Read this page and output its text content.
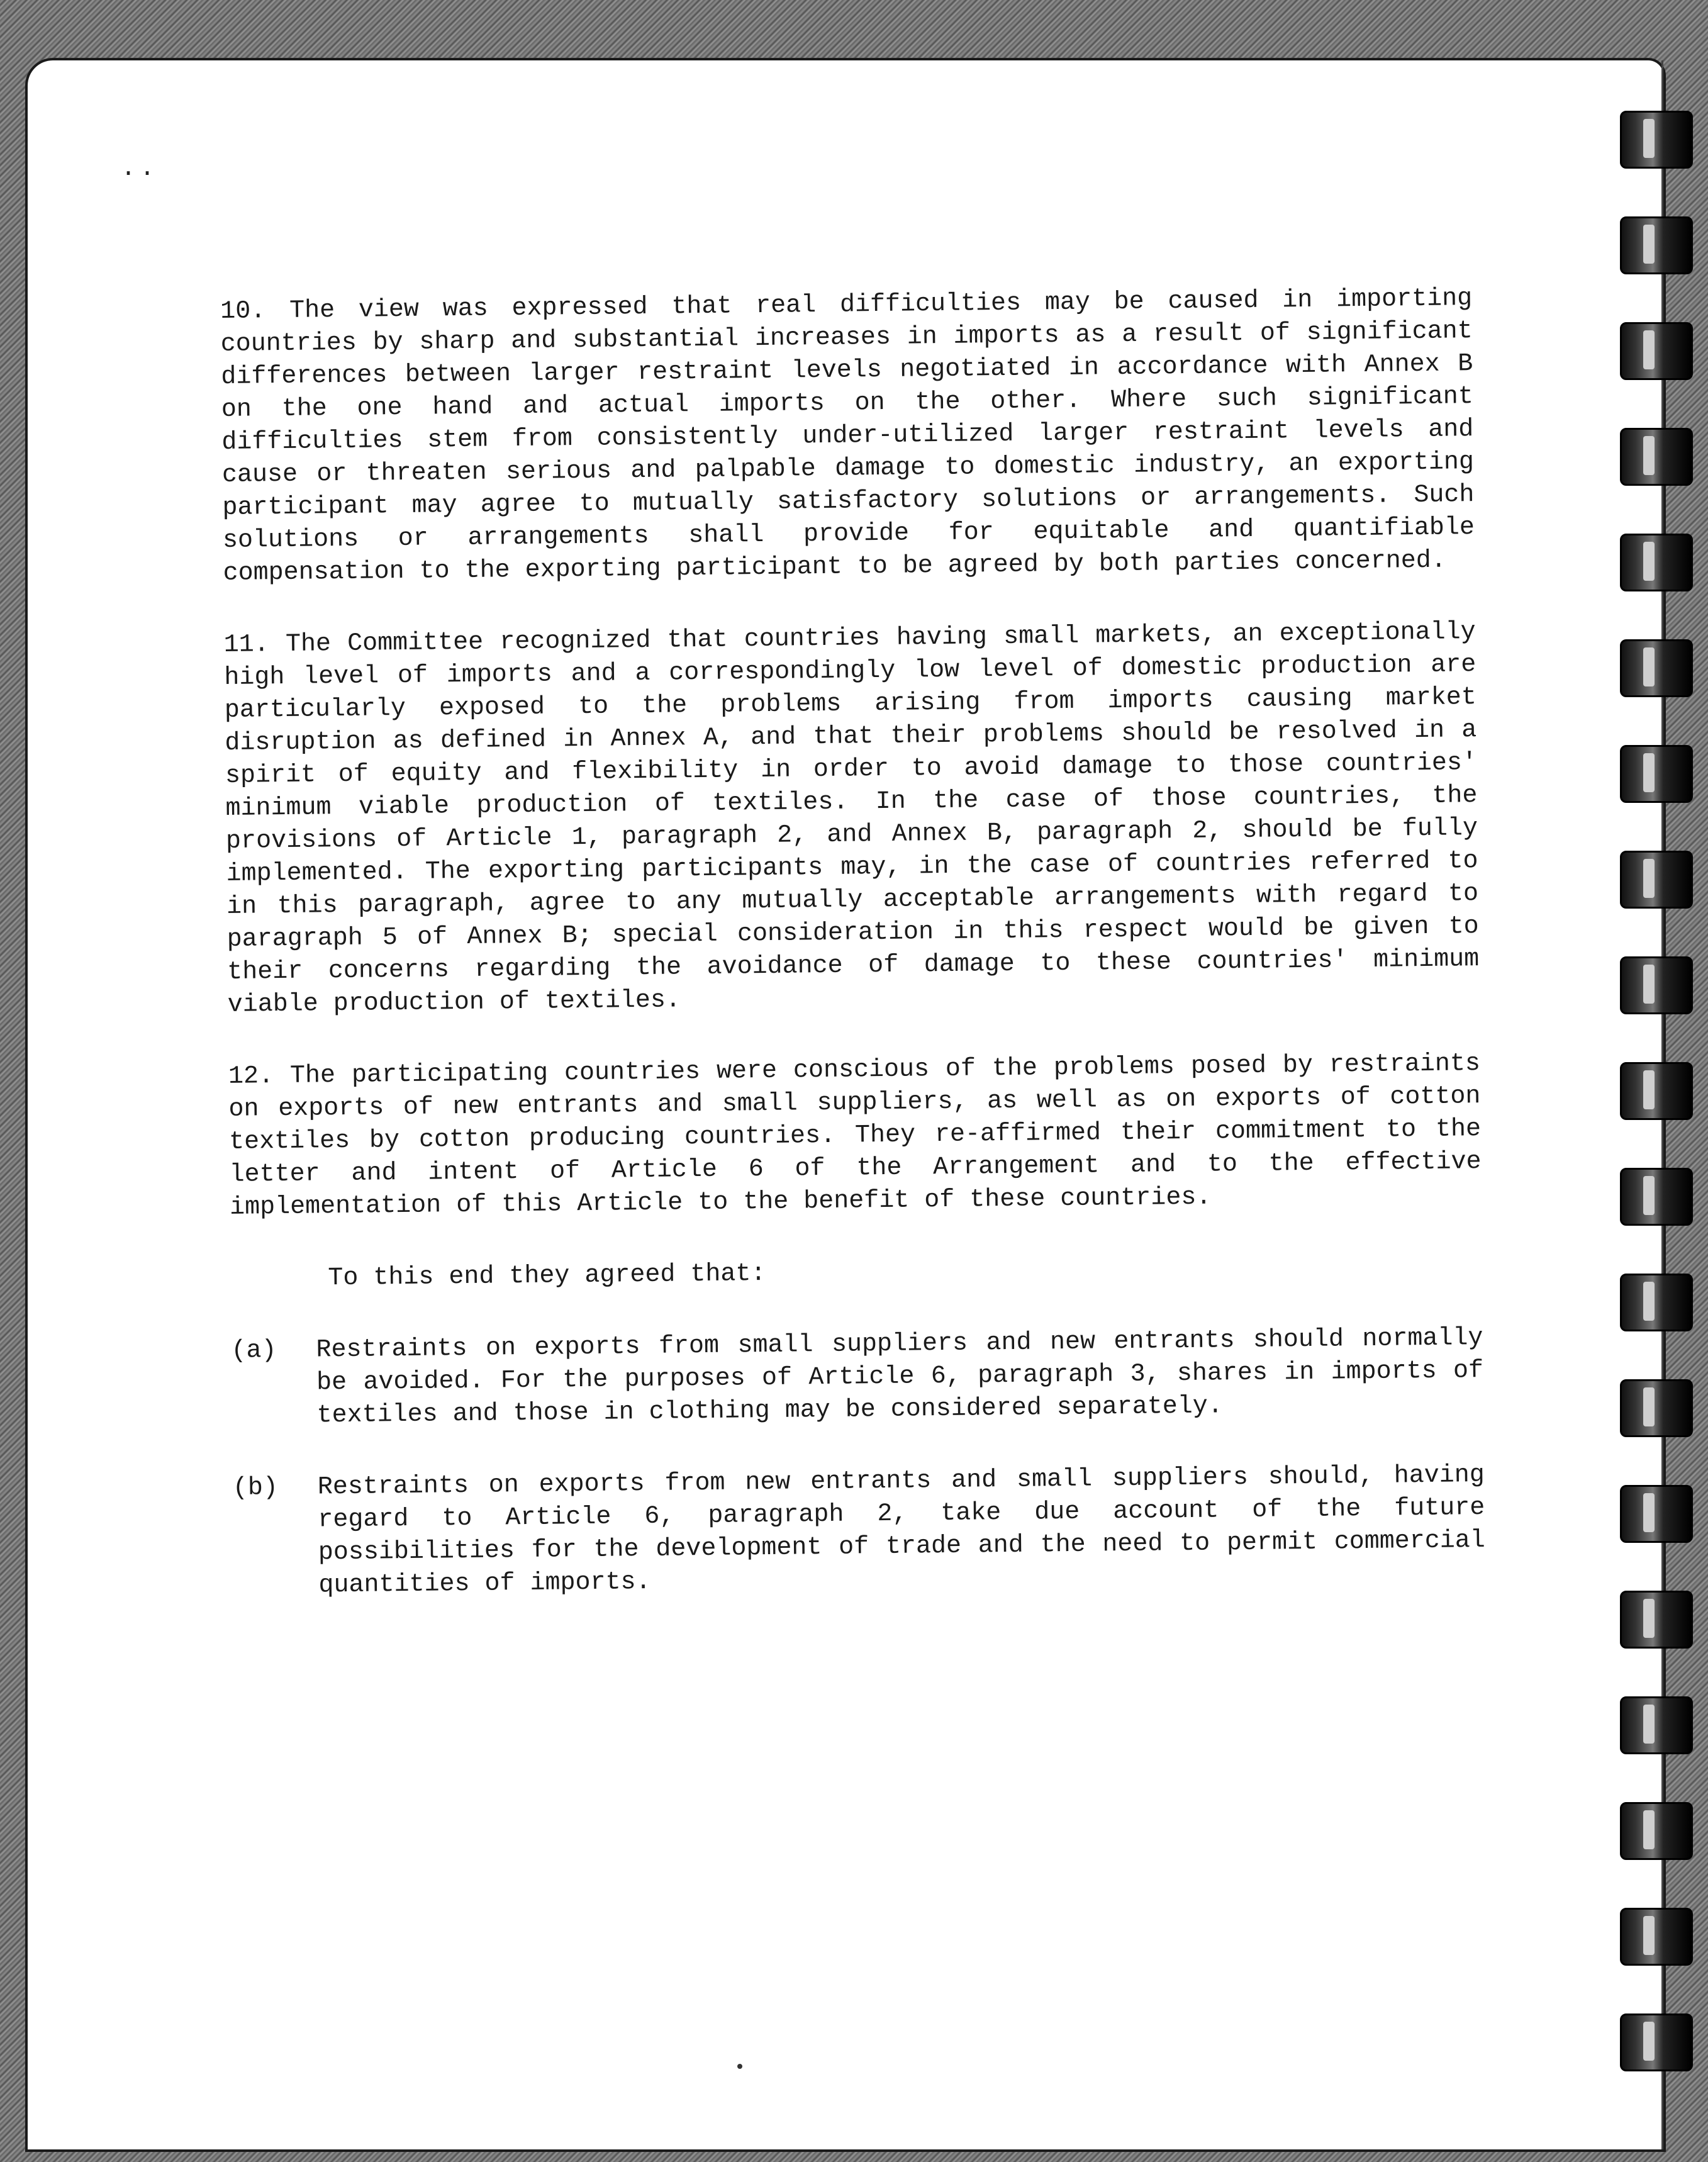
..

10. The view was expressed that real difficulties may be caused in importing countries by sharp and substantial increases in imports as a result of significant differences between larger restraint levels negotiated in accordance with Annex B on the one hand and actual imports on the other. Where such significant difficulties stem from consistently under-utilized larger restraint levels and cause or threaten serious and palpable damage to domestic industry, an exporting participant may agree to mutually satisfactory solutions or arrangements. Such solutions or arrangements shall provide for equitable and quantifiable compensation to the exporting participant to be agreed by both parties concerned.

11. The Committee recognized that countries having small markets, an exceptionally high level of imports and a correspondingly low level of domestic production are particularly exposed to the problems arising from imports causing market disruption as defined in Annex A, and that their problems should be resolved in a spirit of equity and flexibility in order to avoid damage to those countries' minimum viable production of textiles. In the case of those countries, the provisions of Article 1, paragraph 2, and Annex B, paragraph 2, should be fully implemented. The exporting participants may, in the case of countries referred to in this paragraph, agree to any mutually acceptable arrangements with regard to paragraph 5 of Annex B; special consideration in this respect would be given to their concerns regarding the avoidance of damage to these countries' minimum viable production of textiles.

12. The participating countries were conscious of the problems posed by restraints on exports of new entrants and small suppliers, as well as on exports of cotton textiles by cotton producing countries. They re-affirmed their commitment to the letter and intent of Article 6 of the Arrangement and to the effective implementation of this Article to the benefit of these countries.

To this end they agreed that:

(a)	Restraints on exports from small suppliers and new entrants should normally be avoided. For the purposes of Article 6, paragraph 3, shares in imports of textiles and those in clothing may be considered separately.
(b)	Restraints on exports from new entrants and small suppliers should, having regard to Article 6, paragraph 2, take due account of the future possibilities for the development of trade and the need to permit commercial quantities of imports.
